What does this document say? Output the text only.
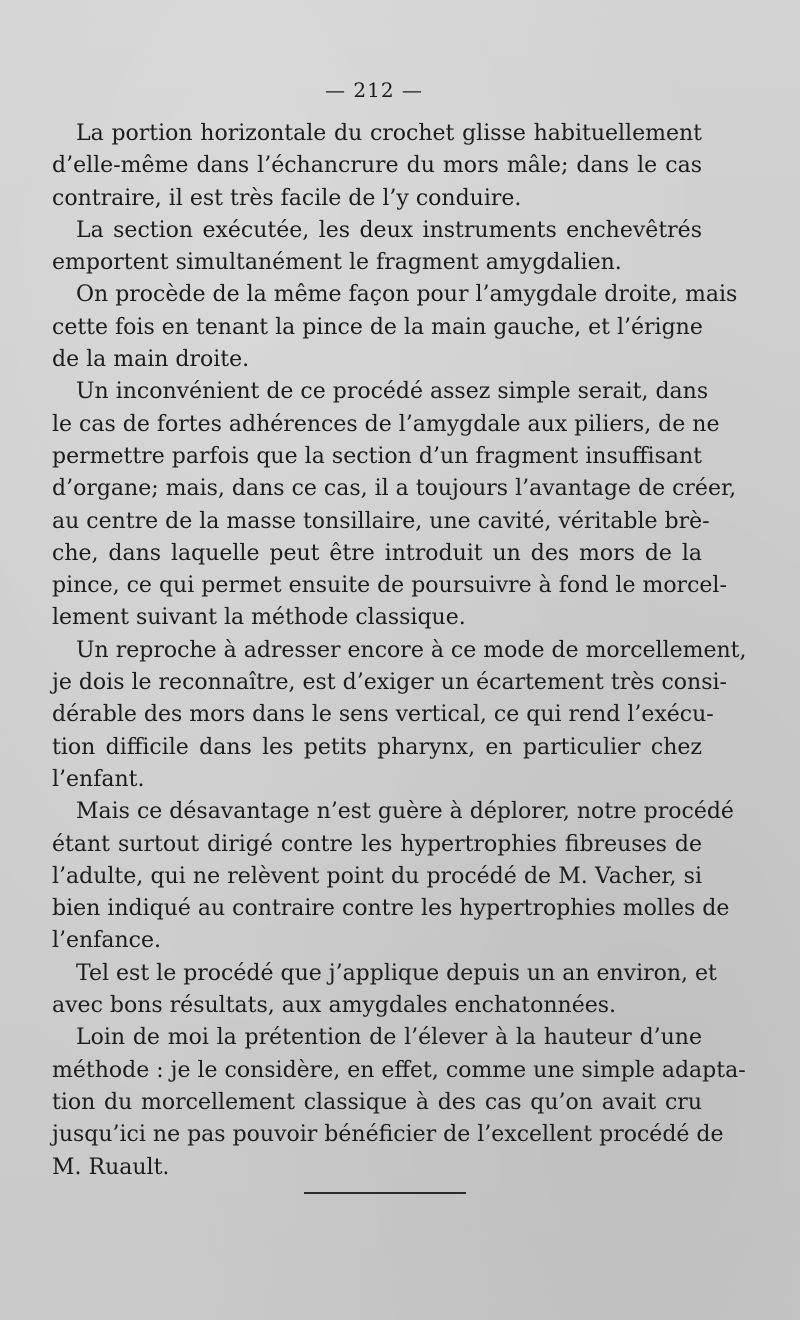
— 212 —

La portion horizontale du crochet glisse habituellement
d’elle-même dans l’échancrure du mors mâle; dans le cas
contraire, il est très facile de l’y conduire.

La section exécutée, les deux instruments enchevêtrés
emportent simultanément le fragment amygdalien.

On procède de la même façon pour l’amygdale droite, mais
cette fois en tenant la pince de la main gauche, et l’érigne
de la main droite.

Un inconvénient de ce procédé assez simple serait, dans
le cas de fortes adhérences de l’amygdale aux piliers, de ne
permettre parfois que la section d’un fragment insuffisant
d’organe; mais, dans ce cas, il a toujours l’avantage de créer,
au centre de la masse tonsillaire, une cavité, véritable brè-
che, dans laquelle peut être introduit un des mors de la
pince, ce qui permet ensuite de poursuivre à fond le morcel-
lement suivant la méthode classique.

Un reproche à adresser encore à ce mode de morcellement,
je dois le reconnaître, est d’exiger un écartement très consi-
dérable des mors dans le sens vertical, ce qui rend l’exécu-
tion difficile dans les petits pharynx, en particulier chez
l’enfant.

Mais ce désavantage n’est guère à déplorer, notre procédé
étant surtout dirigé contre les hypertrophies fibreuses de
l’adulte, qui ne relèvent point du procédé de M. Vacher, si
bien indiqué au contraire contre les hypertrophies molles de
l’enfance.

Tel est le procédé que j’applique depuis un an environ, et
avec bons résultats, aux amygdales enchatonnées.

Loin de moi la prétention de l’élever à la hauteur d’une
méthode : je le considère, en effet, comme une simple adapta-
tion du morcellement classique à des cas qu’on avait cru
jusqu’ici ne pas pouvoir bénéficier de l’excellent procédé de
M. Ruault.
